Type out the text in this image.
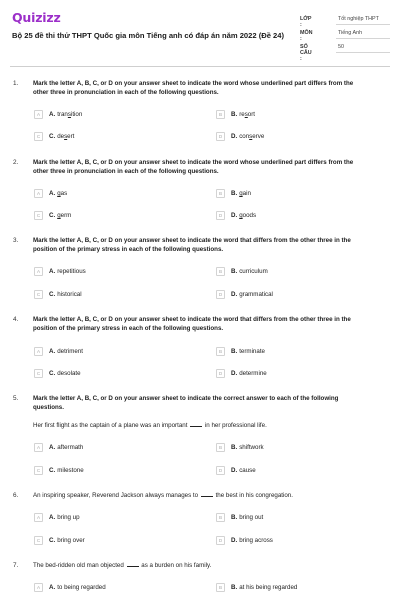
Quizizz
Bộ 25 đề thi thử THPT Quốc gia môn Tiếng anh có đáp án năm 2022 (Đề 24)
LỚP :
Tốt nghiệp THPT
MÔN :
Tiếng Anh
SỐ CÂU :
50
1. Mark the letter A, B, C, or D on your answer sheet to indicate the word whose underlined part differs from the
other three in pronunciation in each of the following questions.
A	A. tran s ition	B	B. re s ort
C	C. de s ert	D	D. con s erve
2. Mark the letter A, B, C, or D on your answer sheet to indicate the word whose underlined part differs from the
other three in pronunciation in each of the following questions.
A	A. g as	B	B. g ain
C	C. g erm	D	D. g oods
3. Mark the letter A, B, C, or D on your answer sheet to indicate the word that differs from the other three in the
position of the primary stress in each of the following questions.
A	A. repetitious	B	B. curriculum
C	C. historical	D	D. grammatical
4. Mark the letter A, B, C, or D on your answer sheet to indicate the word that differs from the other three in the
position of the primary stress in each of the following questions.
A	A. detriment	B	B. terminate
C	C. desolate	D	D. determine
5. Mark the letter A, B, C, or D on your answer sheet to indicate the correct answer to each of the following
questions.
Her first flight as the captain of a plane was an important	in her professional life.
A	A. aftermath	B	B. shiftwork
C	C. milestone	D	D. cause
6. An inspiring speaker, Reverend Jackson always manages to	the best in his congregation.
A	A. bring up	B	B. bring out
C	C. bring over	D	D. bring across
7. The bed-ridden old man objected	as a burden on his family.
A	A. to being regarded	B	B. at his being regarded
